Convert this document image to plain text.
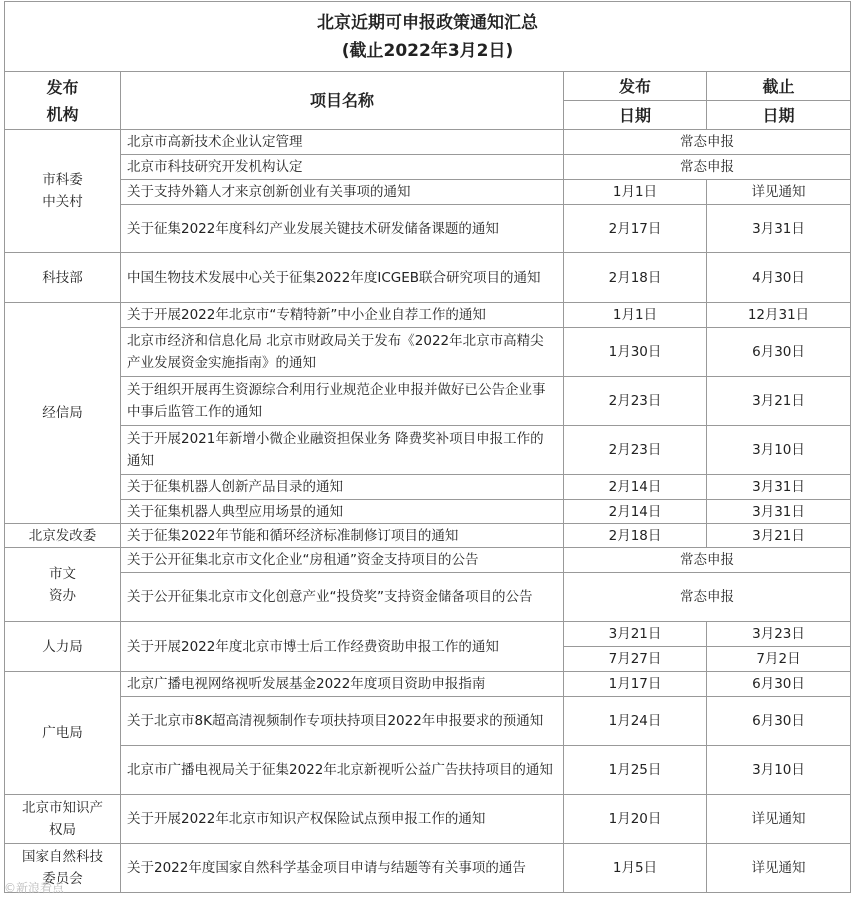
北京近期可申报政策通知汇总
(截止2022年3月2日)			

发布
机构	项目名称	发布	截止
		日期	日期

市科委
中关村	北京市高新技术企业认定管理	常态申报	
	北京市科技研究开发机构认定	常态申报	
	关于支持外籍人才来京创新创业有关事项的通知	1月1日	详见通知
	关于征集2022年度科幻产业发展关键技术研发储备课题的通知	2月17日	3月31日
科技部	中国生物技术发展中心关于征集2022年度ICGEB联合研究项目的通知	2月18日	4月30日
经信局	关于开展2022年北京市“专精特新”中小企业自荐工作的通知	1月1日	12月31日
	北京市经济和信息化局 北京市财政局关于发布《2022年北京市高精尖产业发展资金实施指南》的通知	1月30日	6月30日
	关于组织开展再生资源综合利用行业规范企业申报并做好已公告企业事中事后监管工作的通知	2月23日	3月21日
	关于开展2021年新增小微企业融资担保业务 降费奖补项目申报工作的通知	2月23日	3月10日
	关于征集机器人创新产品目录的通知	2月14日	3月31日
	关于征集机器人典型应用场景的通知	2月14日	3月31日
北京发改委	关于征集2022年节能和循环经济标准制修订项目的通知	2月18日	3月21日

市文
资办	关于公开征集北京市文化企业“房租通”资金支持项目的公告	常态申报	
	关于公开征集北京市文化创意产业“投贷奖”支持资金储备项目的公告	常态申报	
人力局	关于开展2022年度北京市博士后工作经费资助申报工作的通知	3月21日	3月23日
		7月27日	7月2日
广电局	北京广播电视网络视听发展基金2022年度项目资助申报指南	1月17日	6月30日
	关于北京市8K超高清视频制作专项扶持项目2022年申报要求的预通知	1月24日	6月30日
	北京市广播电视局关于征集2022年北京新视听公益广告扶持项目的通知	1月25日	3月10日

北京市知识产
权局	关于开展2022年北京市知识产权保险试点预申报工作的通知	1月20日	详见通知

国家自然科技
委员会	关于2022年度国家自然科学基金项目申请与结题等有关事项的通告	1月5日	详见通知
©新浪看点
